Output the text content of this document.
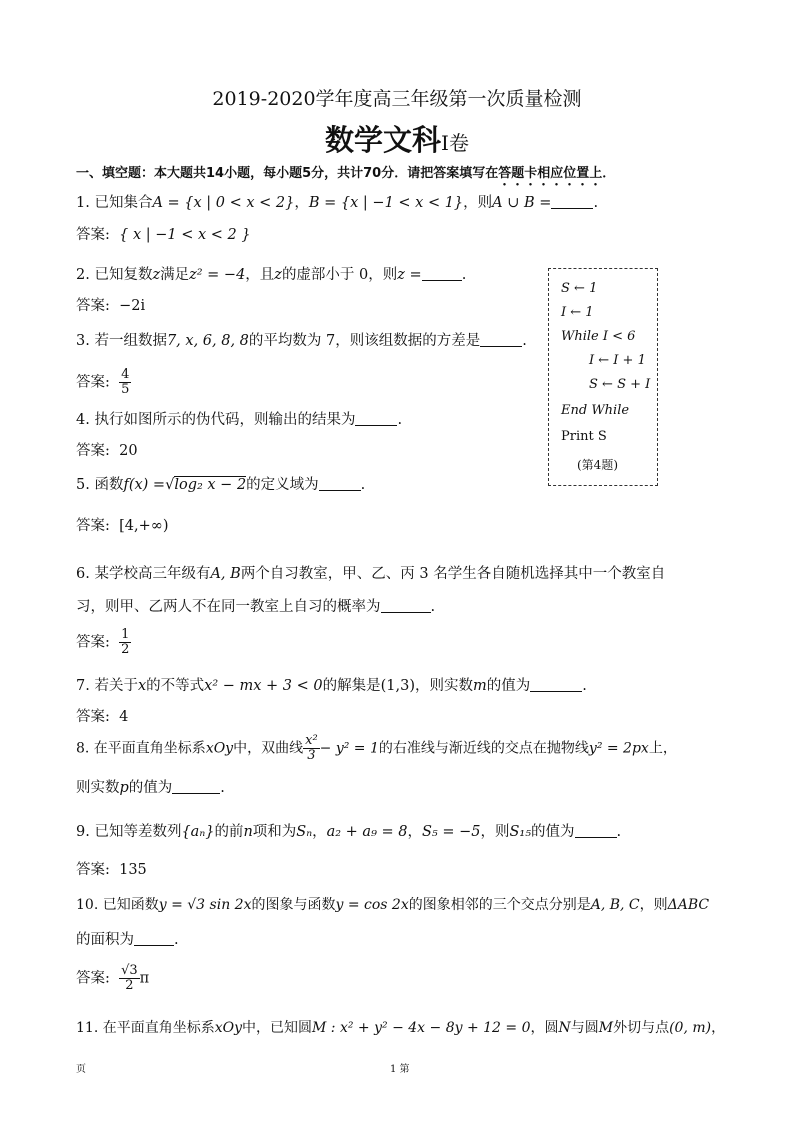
2019-2020学年度高三年级第一次质量检测
数学文科I卷
一、填空题：本大题共14小题，每小题5分，共计70分．请把答案填写在答题卡相应位置上．
1. 已知集合A = {x | 0 < x < 2}，B = {x | −1 < x < 1}，则A ∪ B =	.
答案: { x | −1 < x < 2 }
2. 已知复数z满足z² = −4，且z的虚部小于 0，则z =	.
答案: −2i
3. 若一组数据7, x, 6, 8, 8的平均数为 7，则该组数据的方差是	.
答案: $\frac{4}{5}$
4. 执行如图所示的伪代码，则输出的结果为	.
答案: 20
5. 函数f(x) =√log₂ x − 2的定义域为	.
答案: [4,+∞)
6. 某学校高三年级有A, B两个自习教室，甲、乙、丙 3 名学生各自随机选择其中一个教室自
习，则甲、乙两人不在同一教室上自习的概率为	.
答案: $\frac{1}{2}$
7. 若关于x的不等式x² − mx + 3 < 0的解集是(1,3)，则实数m的值为	.
答案: 4
8. 在平面直角坐标系xOy中，双曲线 $\frac{\text{x²}}{3} - y^2 = 1$的右准线与渐近线的交点在抛物线y² = 2px上，
则实数p的值为	.
9. 已知等差数列{aₙ}的前n项和为Sₙ，a₂ + a₉ = 8，S₅ = −5，则S₁₅的值为	.
答案: 135
10. 已知函数y = √3 sin 2x的图象与函数y = cos 2x的图象相邻的三个交点分别是A, B, C，则ΔABC
的面积为	.
答案: $\frac{√3}{2}$ π
11. 在平面直角坐标系xOy中，已知圆M : x² + y² − 4x − 8y + 12 = 0，圆N与圆M外切与点(0, m)，
S ← 1
I ← 1
While I < 6
I ← I + 1
S ← S + I
End While
Print S
(第4题)
页	1 第
